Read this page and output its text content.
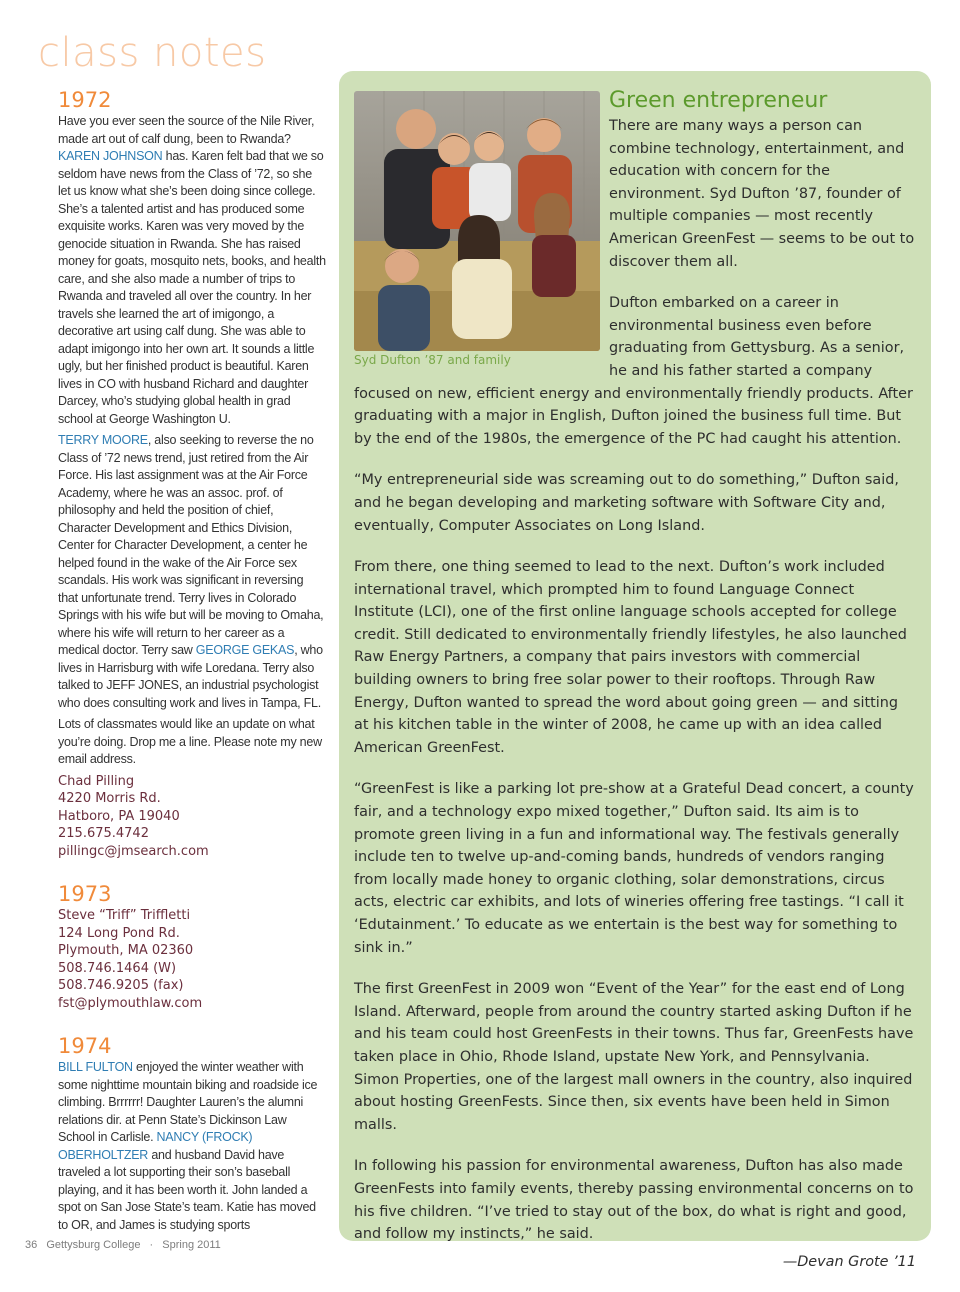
class notes
1972

Have you ever seen the source of the Nile River, made art out of calf dung, been to Rwanda? KAREN JOHNSON has. Karen felt bad that we so seldom have news from the Class of ’72, so she let us know what she’s been doing since college. She’s a talented artist and has produced some exquisite works. Karen was very moved by the genocide situation in Rwanda. She has raised money for goats, mosquito nets, books, and health care, and she also made a number of trips to Rwanda and traveled all over the country. In her travels she learned the art of imigongo, a decorative art using calf dung. She was able to adapt imigongo into her own art. It sounds a little ugly, but her finished product is beautiful. Karen lives in CO with husband Richard and daughter Darcey, who’s studying global health in grad school at George Washington U.

TERRY MOORE, also seeking to reverse the no Class of ’72 news trend, just retired from the Air Force. His last assignment was at the Air Force Academy, where he was an assoc. prof. of philosophy and held the position of chief, Character Development and Ethics Division, Center for Character Development, a center he helped found in the wake of the Air Force sex scandals. His work was significant in reversing that unfortunate trend. Terry lives in Colorado Springs with his wife but will be moving to Omaha, where his wife will return to her career as a medical doctor. Terry saw GEORGE GEKAS, who lives in Harrisburg with wife Loredana. Terry also talked to JEFF JONES, an industrial psychologist who does consulting work and lives in Tampa, FL.

Lots of classmates would like an update on what you’re doing. Drop me a line. Please note my new email address.

Chad Pilling

4220 Morris Rd.

Hatboro, PA 19040

215.675.4742

pillingc@jmsearch.com

1973

Steve “Triff” Triffletti

124 Long Pond Rd.

Plymouth, MA 02360

508.746.1464 (W)

508.746.9205 (fax)

fst@plymouthlaw.com

1974

BILL FULTON enjoyed the winter weather with some nighttime mountain biking and roadside ice climbing. Brrrrrr! Daughter Lauren’s the alumni relations dir. at Penn State’s Dickinson Law School in Carlisle. NANCY (FROCK) OBERHOLTZER and husband David have traveled a lot supporting their son’s baseball playing, and it has been worth it. John landed a spot on San Jose State’s team. Katie has moved to OR, and James is studying sports

Syd Dufton ’87 and family
Green entrepreneur

There are many ways a person can combine technology, entertainment, and education with concern for the environment. Syd Dufton ’87, founder of multiple companies — most recently American GreenFest — seems to be out to discover them all.

Dufton embarked on a career in environmental business even before graduating from Gettysburg. As a senior, he and his father started a company focused on new, efficient energy and environmentally friendly products. After graduating with a major in English, Dufton joined the business full time. But by the end of the 1980s, the emergence of the PC had caught his attention.

“My entrepreneurial side was screaming out to do something,” Dufton said, and he began developing and marketing software with Software City and, eventually, Computer Associates on Long Island.

From there, one thing seemed to lead to the next. Dufton’s work included international travel, which prompted him to found Language Connect Institute (LCI), one of the first online language schools accepted for college credit. Still dedicated to environmentally friendly lifestyles, he also launched Raw Energy Partners, a company that pairs investors with commercial building owners to bring free solar power to their rooftops. Through Raw Energy, Dufton wanted to spread the word about going green — and sitting at his kitchen table in the winter of 2008, he came up with an idea called American GreenFest.

“GreenFest is like a parking lot pre-show at a Grateful Dead concert, a county fair, and a technology expo mixed together,” Dufton said. Its aim is to promote green living in a fun and informational way. The festivals generally include ten to twelve up-and-coming bands, hundreds of vendors ranging from locally made honey to organic clothing, solar demonstrations, circus acts, electric car exhibits, and lots of wineries offering free tastings. “I call it ‘Edutainment.’ To educate as we entertain is the best way for something to sink in.”

The first GreenFest in 2009 won “Event of the Year” for the east end of Long Island. Afterward, people from around the country started asking Dufton if he and his team could host GreenFests in their towns. Thus far, GreenFests have taken place in Ohio, Rhode Island, upstate New York, and Pennsylvania. Simon Properties, one of the largest mall owners in the country, also inquired about hosting GreenFests. Since then, six events have been held in Simon malls.

In following his passion for environmental awareness, Dufton has also made GreenFests into family events, thereby passing environmental concerns on to his five children. “I’ve tried to stay out of the box, do what is right and good, and follow my instincts,” he said.

—Devan Grote ’11

36 Gettysburg College · Spring 2011
